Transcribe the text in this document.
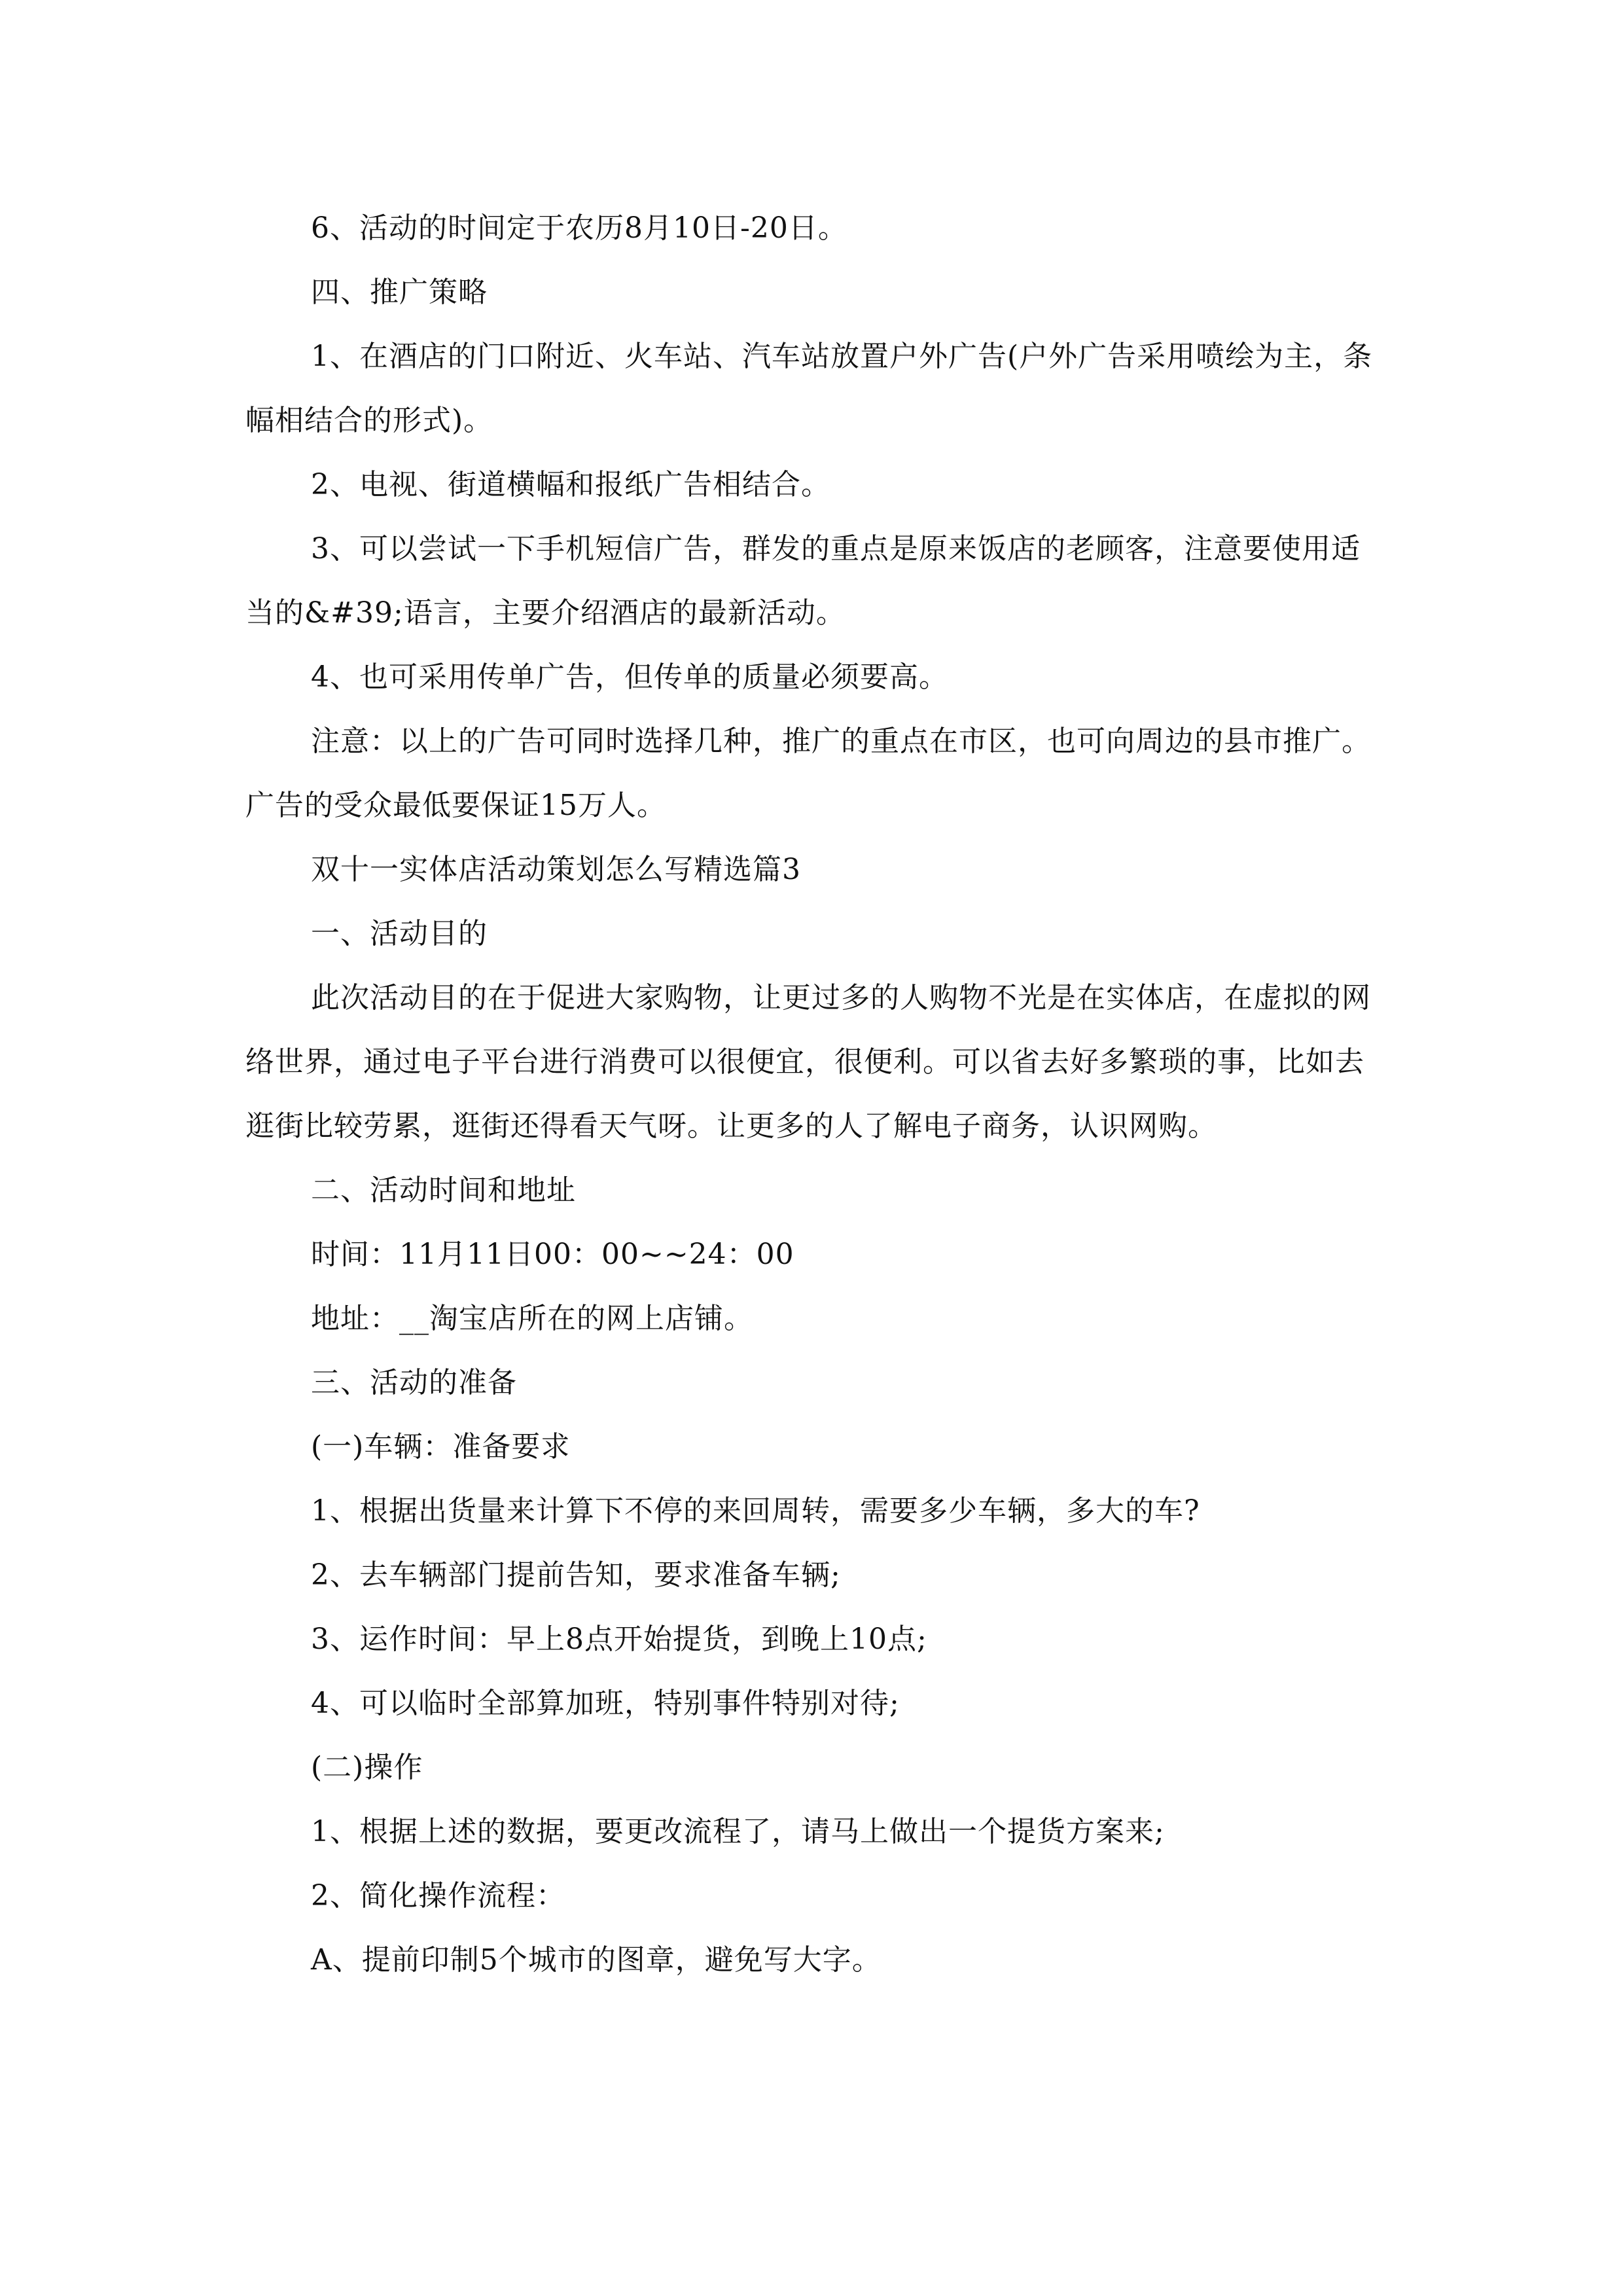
6、活动的时间定于农历8月10日-20日。

四、推广策略

1、在酒店的门口附近、火车站、汽车站放置户外广告(户外广告采用喷绘为主，条幅相结合的形式)。

2、电视、街道横幅和报纸广告相结合。

3、可以尝试一下手机短信广告，群发的重点是原来饭店的老顾客，注意要使用适当的&#39;语言，主要介绍酒店的最新活动。

4、也可采用传单广告，但传单的质量必须要高。

注意：以上的广告可同时选择几种，推广的重点在市区，也可向周边的县市推广。广告的受众最低要保证15万人。

双十一实体店活动策划怎么写精选篇3

一、活动目的

此次活动目的在于促进大家购物，让更过多的人购物不光是在实体店，在虚拟的网络世界，通过电子平台进行消费可以很便宜，很便利。可以省去好多繁琐的事，比如去逛街比较劳累，逛街还得看天气呀。让更多的人了解电子商务，认识网购。

二、活动时间和地址

时间：11月11日00：00~~24：00

地址：__淘宝店所在的网上店铺。

三、活动的准备

(一)车辆：准备要求

1、根据出货量来计算下不停的来回周转，需要多少车辆，多大的车?

2、去车辆部门提前告知，要求准备车辆;

3、运作时间：早上8点开始提货，到晚上10点;

4、可以临时全部算加班，特别事件特别对待;

(二)操作

1、根据上述的数据，要更改流程了，请马上做出一个提货方案来;

2、简化操作流程：

A、提前印制5个城市的图章，避免写大字。
